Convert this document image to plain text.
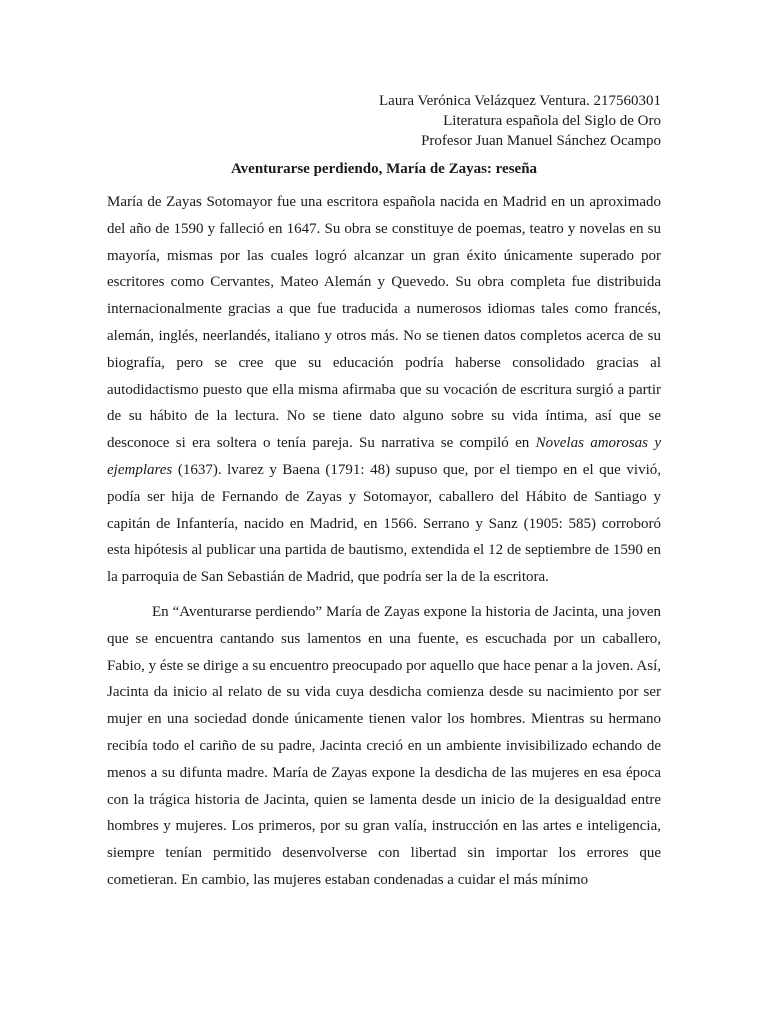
Laura Verónica Velázquez Ventura. 217560301
Literatura española del Siglo de Oro
Profesor Juan Manuel Sánchez Ocampo
Aventurarse perdiendo, María de Zayas: reseña

María de Zayas Sotomayor fue una escritora española nacida en Madrid en un aproximado del año de 1590 y falleció en 1647. Su obra se constituye de poemas, teatro y novelas en su mayoría, mismas por las cuales logró alcanzar un gran éxito únicamente superado por escritores como Cervantes, Mateo Alemán y Quevedo. Su obra completa fue distribuida internacionalmente gracias a que fue traducida a numerosos idiomas tales como francés, alemán, inglés, neerlandés, italiano y otros más. No se tienen datos completos acerca de su biografía, pero se cree que su educación podría haberse consolidado gracias al autodidactismo puesto que ella misma afirmaba que su vocación de escritura surgió a partir de su hábito de la lectura. No se tiene dato alguno sobre su vida íntima, así que se desconoce si era soltera o tenía pareja. Su narrativa se compiló en Novelas amorosas y ejemplares (1637). lvarez y Baena (1791: 48) supuso que, por el tiempo en el que vivió, podía ser hija de Fernando de Zayas y Sotomayor, caballero del Hábito de Santiago y capitán de Infantería, nacido en Madrid, en 1566. Serrano y Sanz (1905: 585) corroboró esta hipótesis al publicar una partida de bautismo, extendida el 12 de septiembre de 1590 en la parroquia de San Sebastián de Madrid, que podría ser la de la escritora.

En “Aventurarse perdiendo” María de Zayas expone la historia de Jacinta, una joven que se encuentra cantando sus lamentos en una fuente, es escuchada por un caballero, Fabio, y éste se dirige a su encuentro preocupado por aquello que hace penar a la joven. Así, Jacinta da inicio al relato de su vida cuya desdicha comienza desde su nacimiento por ser mujer en una sociedad donde únicamente tienen valor los hombres. Mientras su hermano recibía todo el cariño de su padre, Jacinta creció en un ambiente invisibilizado echando de menos a su difunta madre. María de Zayas expone la desdicha de las mujeres en esa época con la trágica historia de Jacinta, quien se lamenta desde un inicio de la desigualdad entre hombres y mujeres. Los primeros, por su gran valía, instrucción en las artes e inteligencia, siempre tenían permitido desenvolverse con libertad sin importar los errores que cometieran. En cambio, las mujeres estaban condenadas a cuidar el más mínimo
